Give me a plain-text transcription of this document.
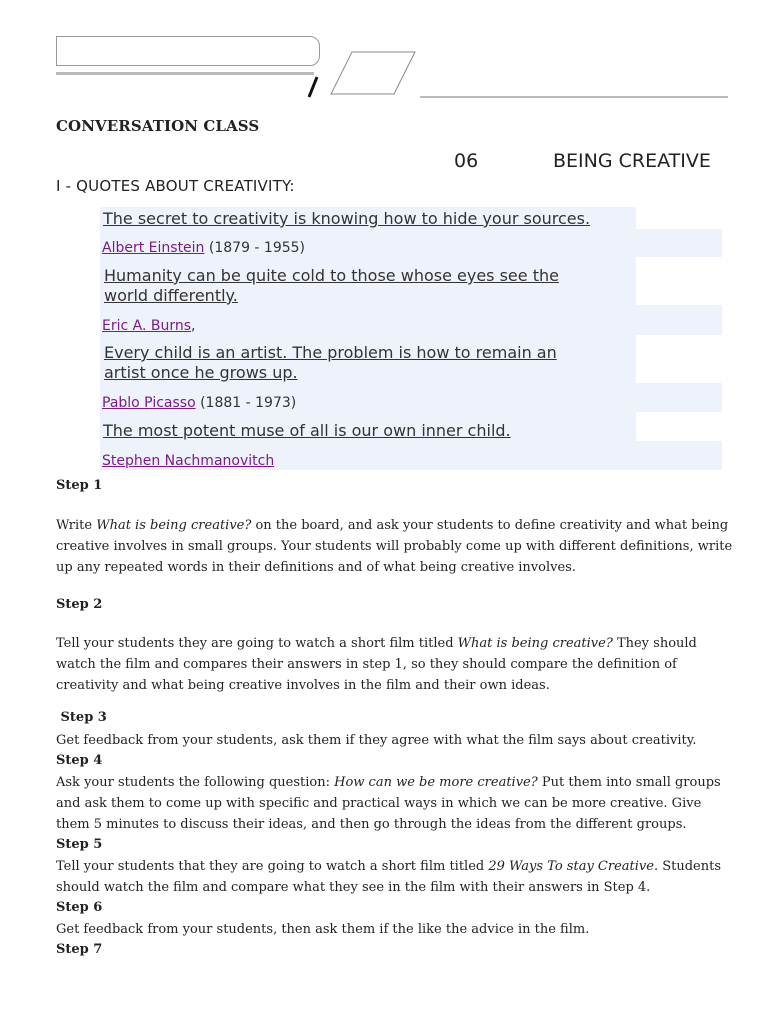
CONVERSATION CLASS
06	BEING CREATIVE
I - QUOTES ABOUT CREATIVITY:
The secret to creativity is knowing how to hide your sources.
Albert Einstein (1879 - 1955)
Humanity can be quite cold to those whose eyes see the
world differently.
Eric A. Burns,
Every child is an artist. The problem is how to remain an
artist once he grows up.
Pablo Picasso (1881 - 1973)
The most potent muse of all is our own inner child.
Stephen Nachmanovitch
Step 1
Write What is being creative? on the board, and ask your students to define creativity and what being creative involves in small groups. Your students will probably come up with different definitions, write up any repeated words in their definitions and of what being creative involves.
Step 2
Tell your students they are going to watch a short film titled What is being creative? They should watch the film and compares their answers in step 1, so they should compare the definition of creativity and what being creative involves in the film and their own ideas.
Step 3
Get feedback from your students, ask them if they agree with what the film says about creativity.
Step 4
Ask your students the following question: How can we be more creative? Put them into small groups and ask them to come up with specific and practical ways in which we can be more creative. Give them 5 minutes to discuss their ideas, and then go through the ideas from the different groups.
Step 5
Tell your students that they are going to watch a short film titled 29 Ways To stay Creative. Students should watch the film and compare what they see in the film with their answers in Step 4.
Step 6
Get feedback from your students, then ask them if the like the advice in the film.
Step 7
